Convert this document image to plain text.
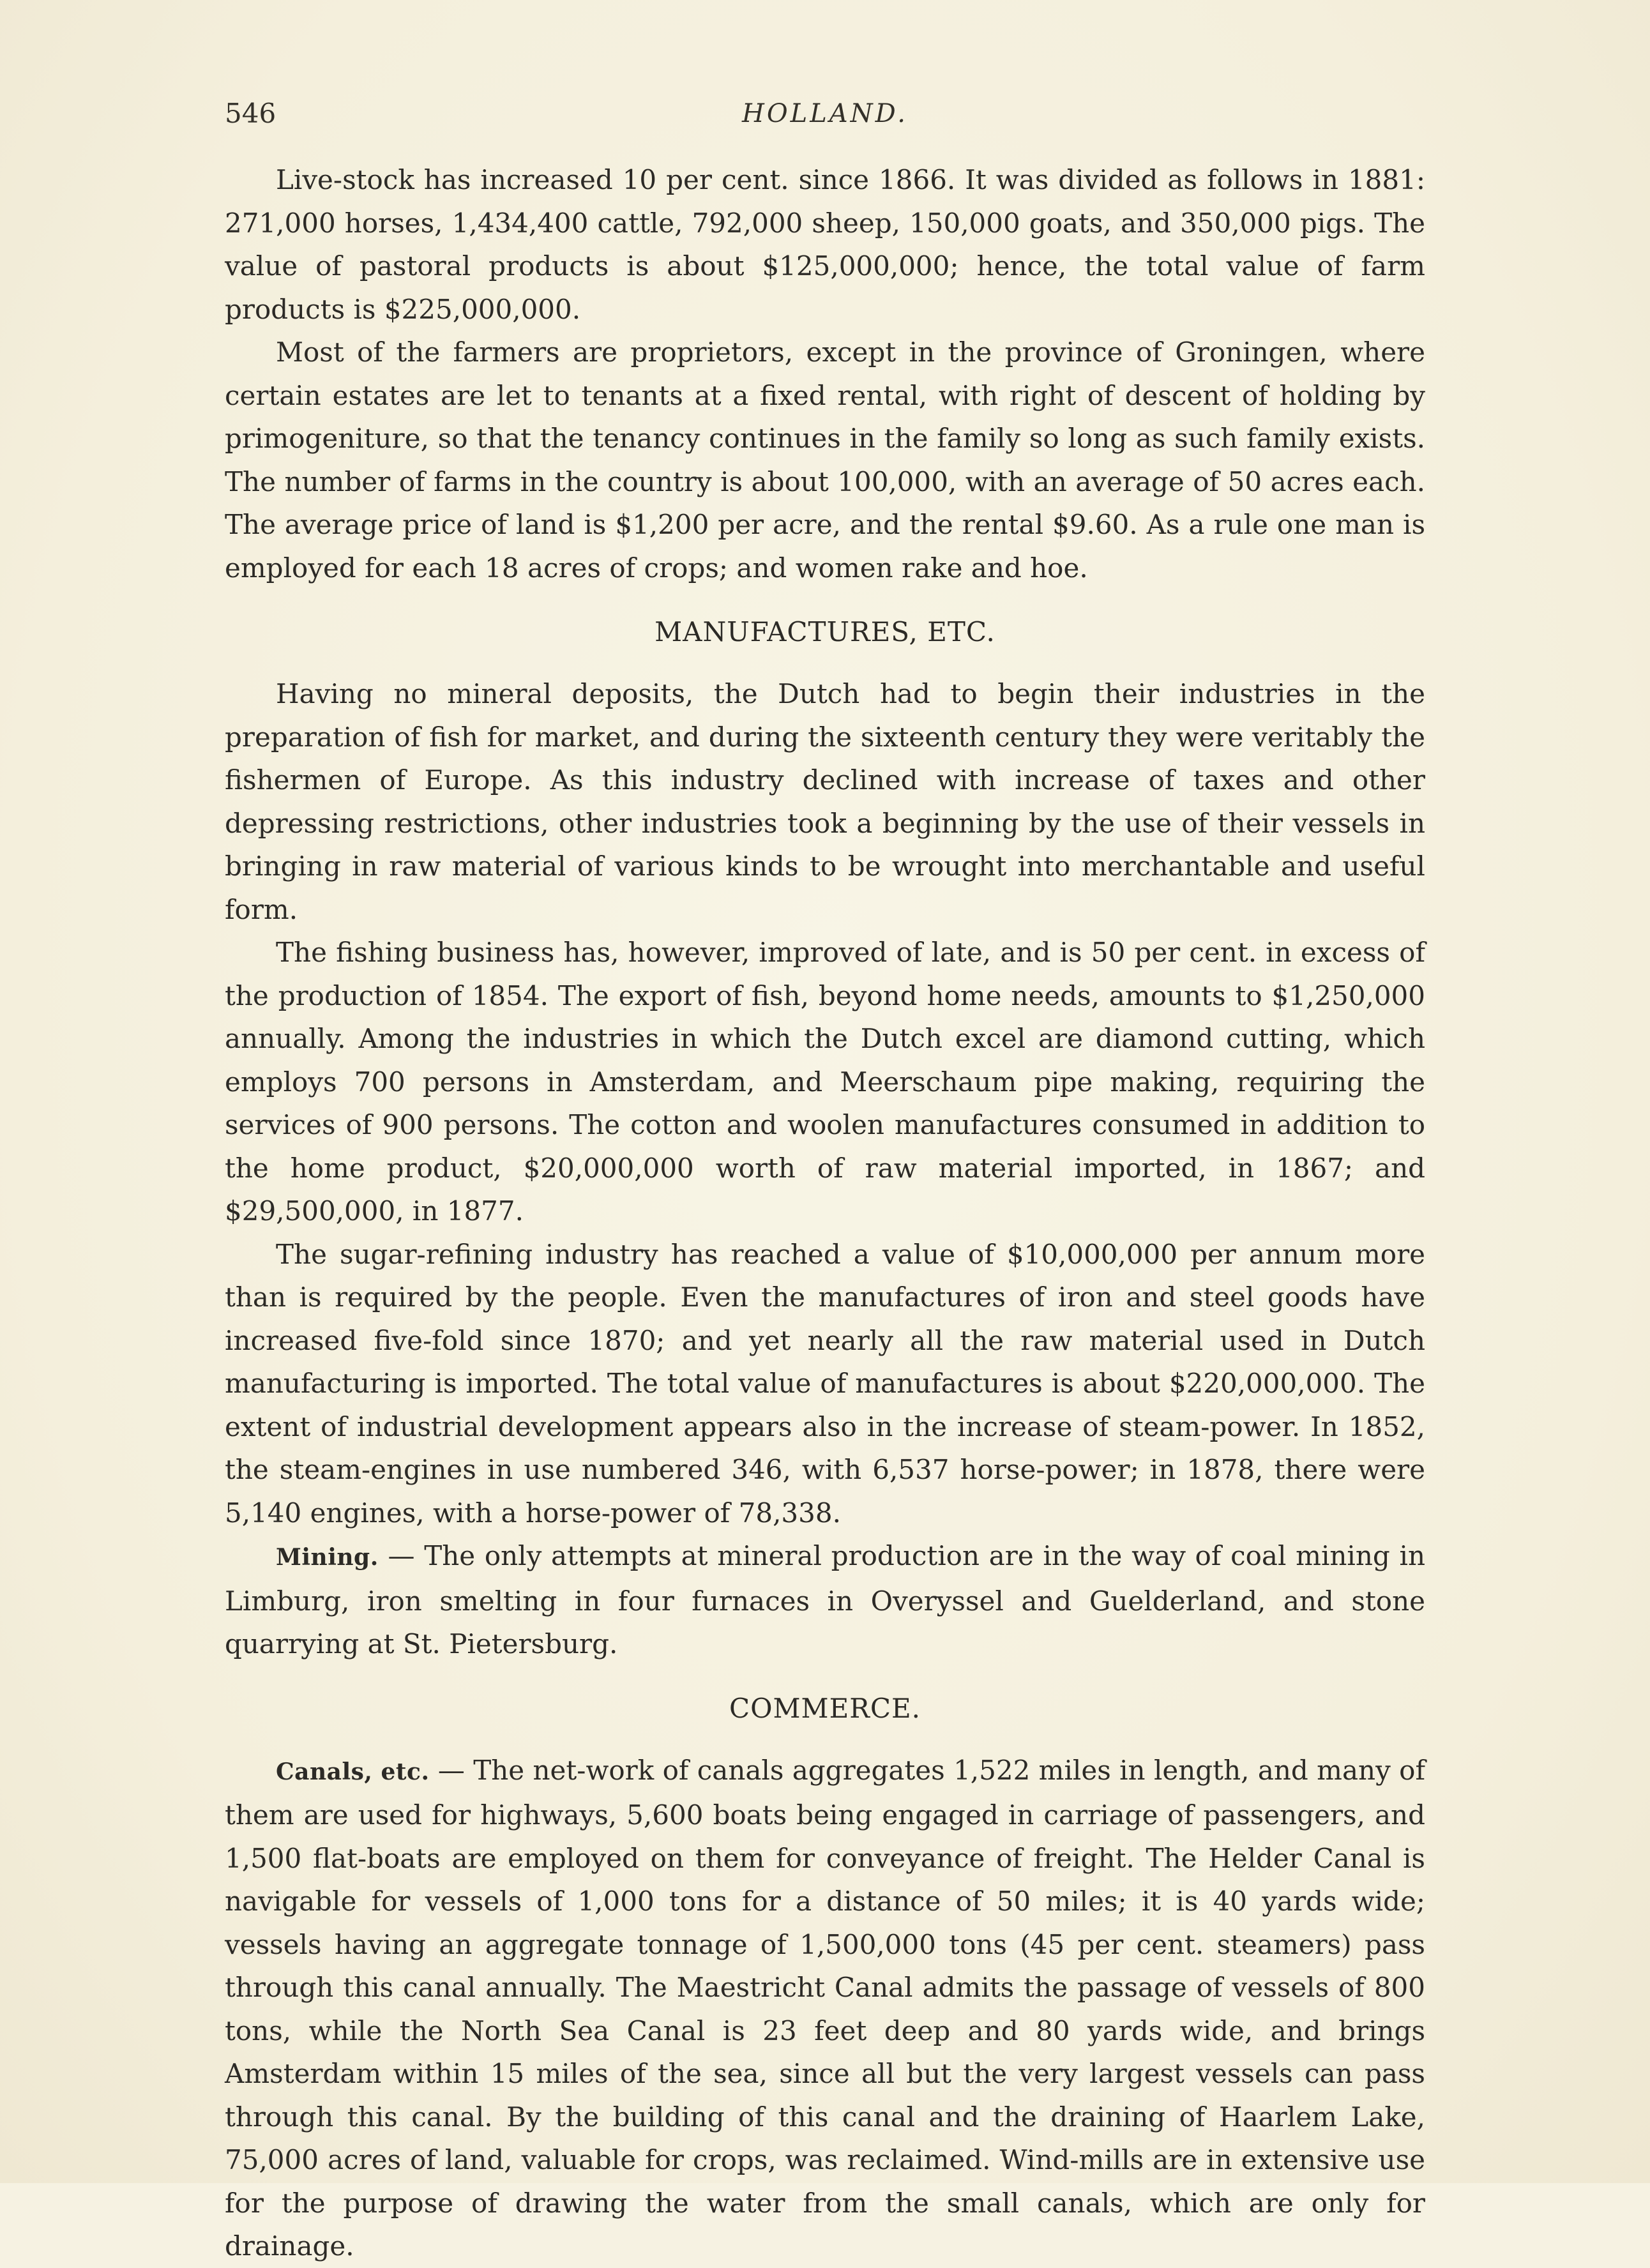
546	HOLLAND.

Live-stock has increased 10 per cent. since 1866. It was divided as follows in 1881: 271,000 horses, 1,434,400 cattle, 792,000 sheep, 150,000 goats, and 350,000 pigs. The value of pastoral products is about $125,000,000; hence, the total value of farm products is $225,000,000.

Most of the farmers are proprietors, except in the province of Groningen, where certain estates are let to tenants at a fixed rental, with right of descent of holding by primogeniture, so that the tenancy continues in the family so long as such family exists. The number of farms in the country is about 100,000, with an average of 50 acres each. The average price of land is $1,200 per acre, and the rental $9.60. As a rule one man is employed for each 18 acres of crops; and women rake and hoe.

MANUFACTURES, ETC.

Having no mineral deposits, the Dutch had to begin their industries in the preparation of fish for market, and during the sixteenth century they were veritably the fishermen of Europe. As this industry declined with increase of taxes and other depressing restrictions, other industries took a beginning by the use of their vessels in bringing in raw material of various kinds to be wrought into merchantable and useful form.

The fishing business has, however, improved of late, and is 50 per cent. in excess of the production of 1854. The export of fish, beyond home needs, amounts to $1,250,000 annually. Among the industries in which the Dutch excel are diamond cutting, which employs 700 persons in Amsterdam, and Meerschaum pipe making, requiring the services of 900 persons. The cotton and woolen manufactures consumed in addition to the home product, $20,000,000 worth of raw material imported, in 1867; and $29,500,000, in 1877.

The sugar-refining industry has reached a value of $10,000,000 per annum more than is required by the people. Even the manufactures of iron and steel goods have increased five-fold since 1870; and yet nearly all the raw material used in Dutch manufacturing is imported. The total value of manufactures is about $220,000,000. The extent of industrial development appears also in the increase of steam-power. In 1852, the steam-engines in use numbered 346, with 6,537 horse-power; in 1878, there were 5,140 engines, with a horse-power of 78,338.

Mining. — The only attempts at mineral production are in the way of coal mining in Limburg, iron smelting in four furnaces in Overyssel and Guelderland, and stone quarrying at St. Pietersburg.

COMMERCE.

Canals, etc. — The net-work of canals aggregates 1,522 miles in length, and many of them are used for highways, 5,600 boats being engaged in carriage of passengers, and 1,500 flat-boats are employed on them for conveyance of freight. The Helder Canal is navigable for vessels of 1,000 tons for a distance of 50 miles; it is 40 yards wide; vessels having an aggregate tonnage of 1,500,000 tons (45 per cent. steamers) pass through this canal annually. The Maestricht Canal admits the passage of vessels of 800 tons, while the North Sea Canal is 23 feet deep and 80 yards wide, and brings Amsterdam within 15 miles of the sea, since all but the very largest vessels can pass through this canal. By the building of this canal and the draining of Haarlem Lake, 75,000 acres of land, valuable for crops, was reclaimed. Wind-mills are in extensive use for the purpose of drawing the water from the small canals, which are only for drainage.
